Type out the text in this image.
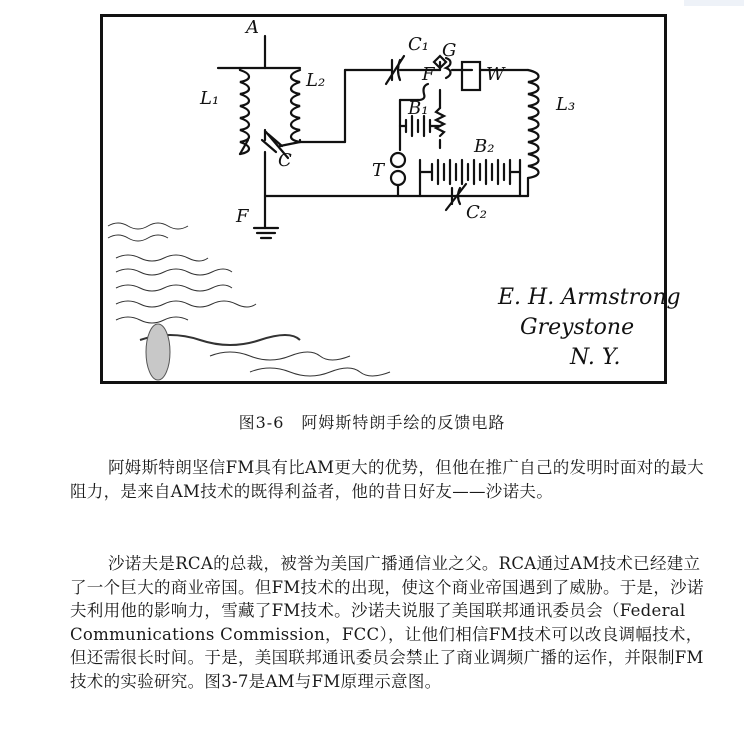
A
L₁
L₂
C
C₁ G
F	W
L₃
B₁
B₂
T
C₂
F
E. H. Armstrong
Greystone
N. Y.
图3-6　阿姆斯特朗手绘的反馈电路
阿姆斯特朗坚信FM具有比AM更大的优势，但他在推广自己的发明时面对的最大阻力，是来自AM技术的既得利益者，他的昔日好友——沙诺夫。
沙诺夫是RCA的总裁，被誉为美国广播通信业之父。RCA通过AM技术已经建立了一个巨大的商业帝国。但FM技术的出现，使这个商业帝国遇到了威胁。于是，沙诺夫利用他的影响力，雪藏了FM技术。沙诺夫说服了美国联邦通讯委员会（Federal Communications Commission，FCC），让他们相信FM技术可以改良调幅技术，但还需很长时间。于是，美国联邦通讯委员会禁止了商业调频广播的运作，并限制FM技术的实验研究。图3-7是AM与FM原理示意图。
